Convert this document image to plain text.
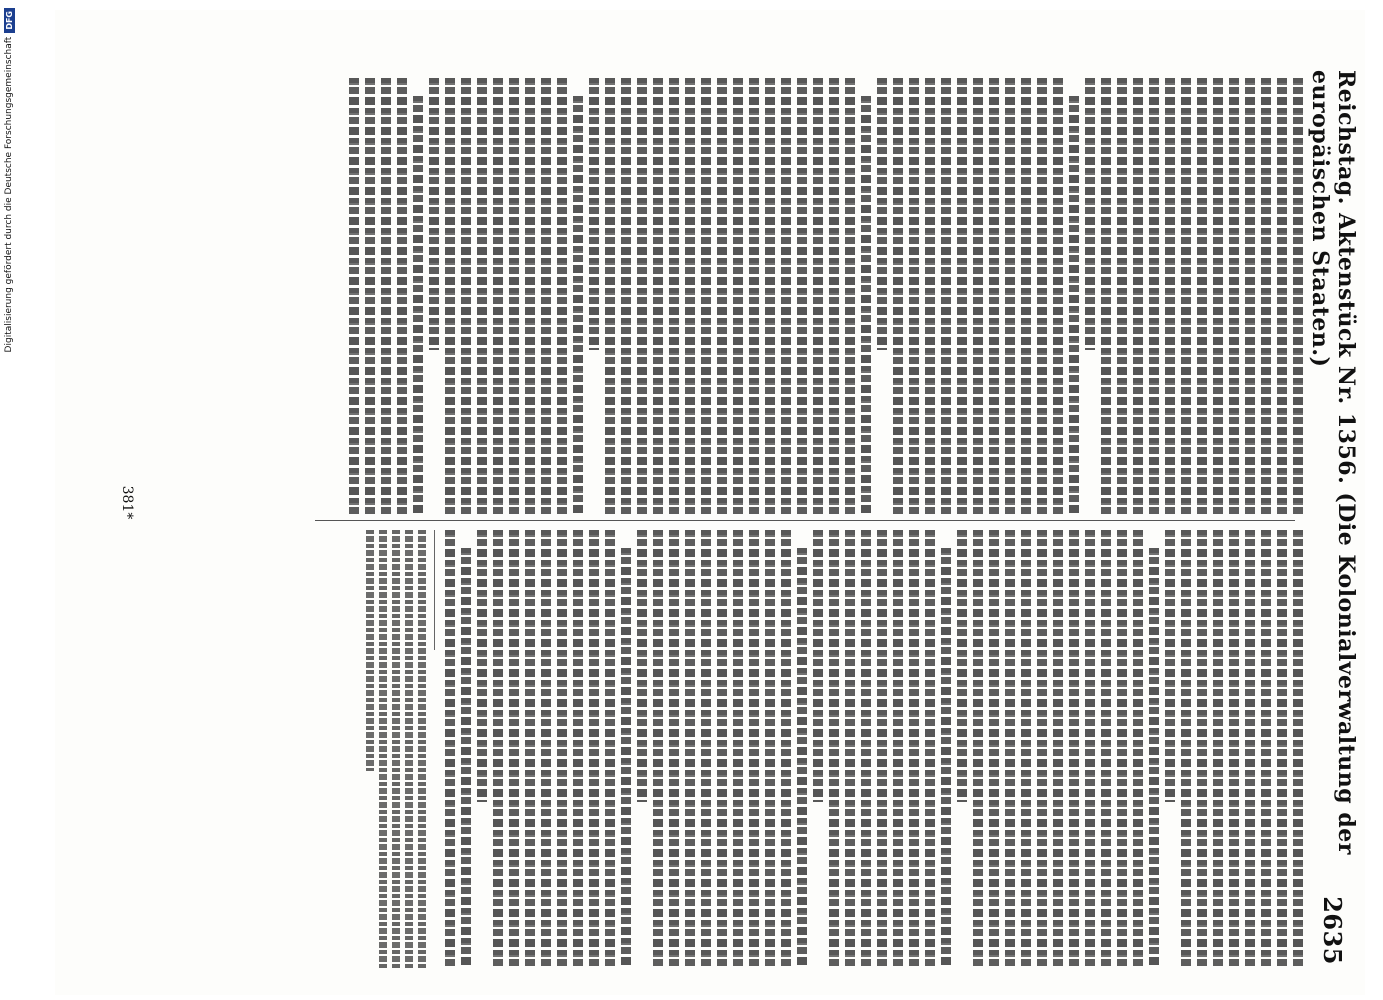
Digitalisierung gefördert durch die Deutsche Forschungsgemeinschaft
DFG
Reichstag. Aktenstück Nr. 1356. (Die Kolonialverwaltung der europäischen Staaten.)
2635
381*
